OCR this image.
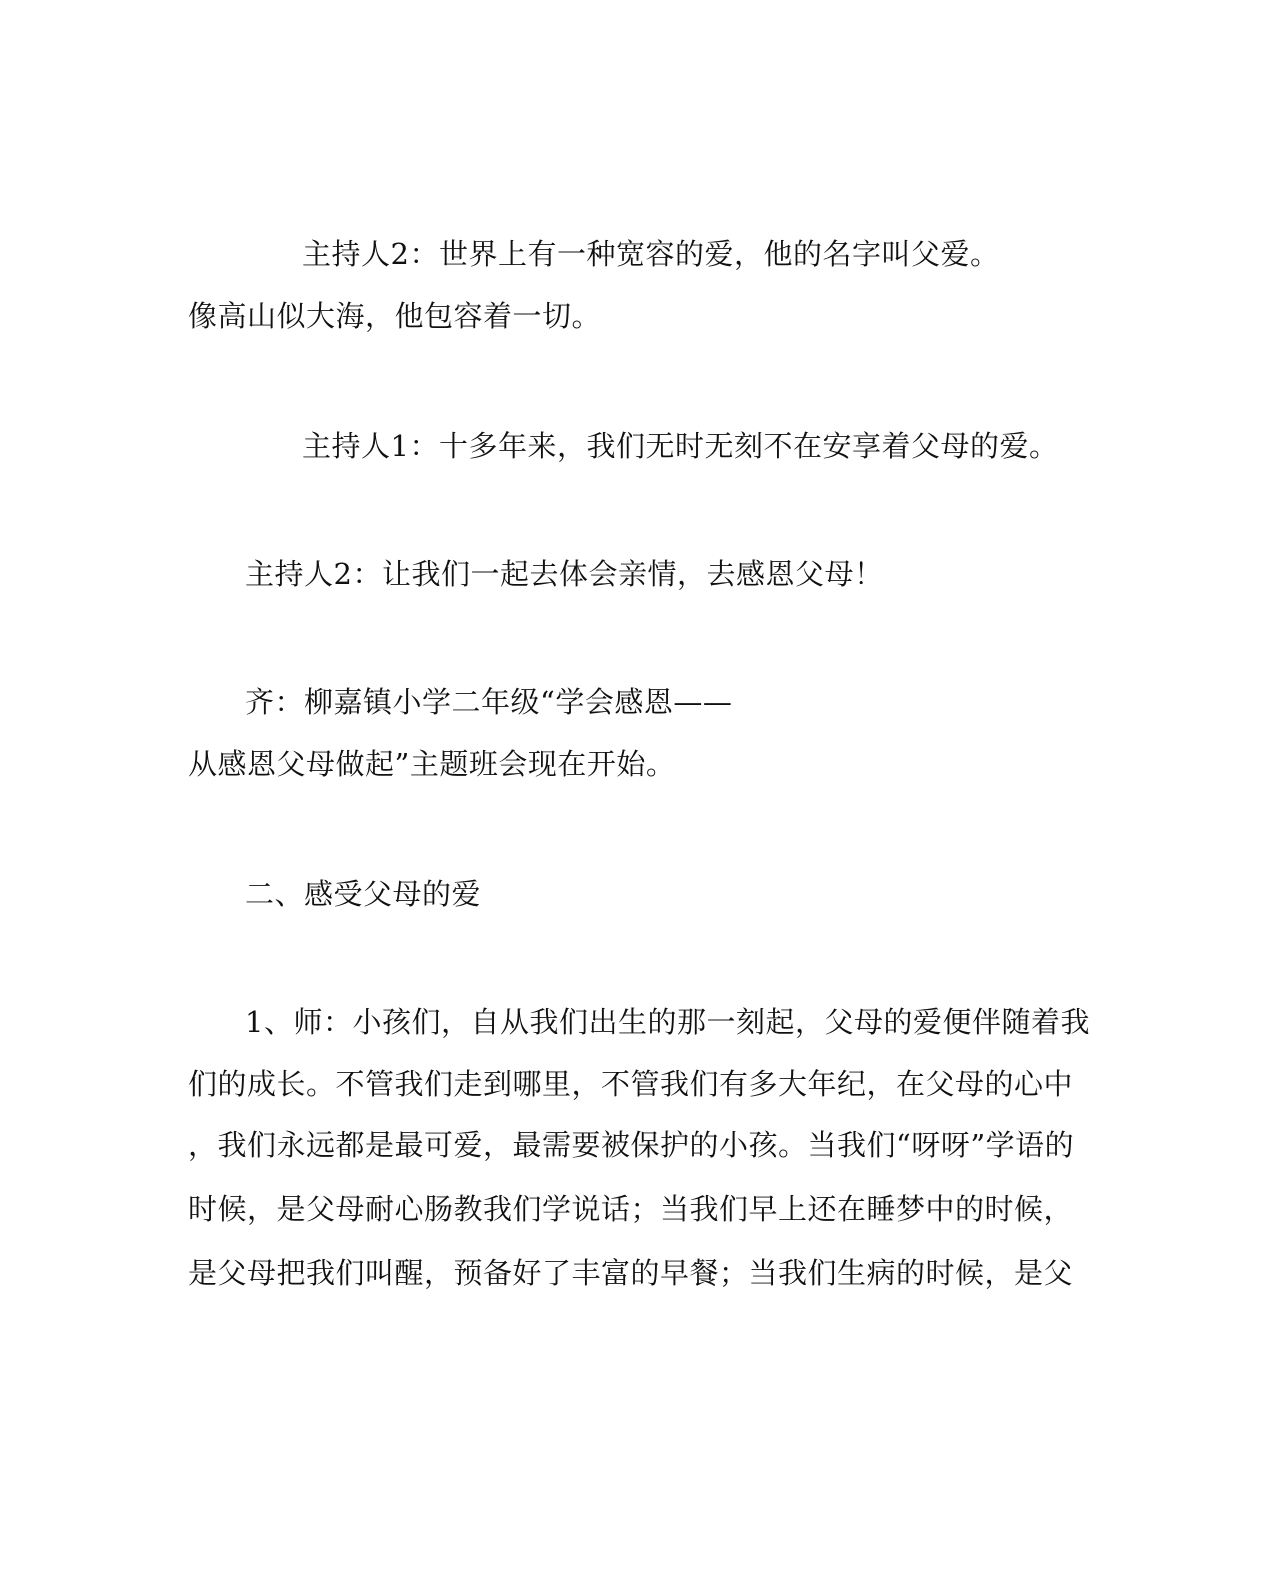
主持人2：世界上有一种宽容的爱，他的名字叫父爱。
像高山似大海，他包容着一切。
主持人1：十多年来，我们无时无刻不在安享着父母的爱。
主持人2：让我们一起去体会亲情，去感恩父母！
齐：柳嘉镇小学二年级“学会感恩——
从感恩父母做起”主题班会现在开始。
二、感受父母的爱
1、师：小孩们，自从我们出生的那一刻起，父母的爱便伴随着我
们的成长。不管我们走到哪里，不管我们有多大年纪，在父母的心中
，我们永远都是最可爱，最需要被保护的小孩。当我们“呀呀”学语的
时候，是父母耐心肠教我们学说话；当我们早上还在睡梦中的时候，
是父母把我们叫醒，预备好了丰富的早餐；当我们生病的时候，是父
